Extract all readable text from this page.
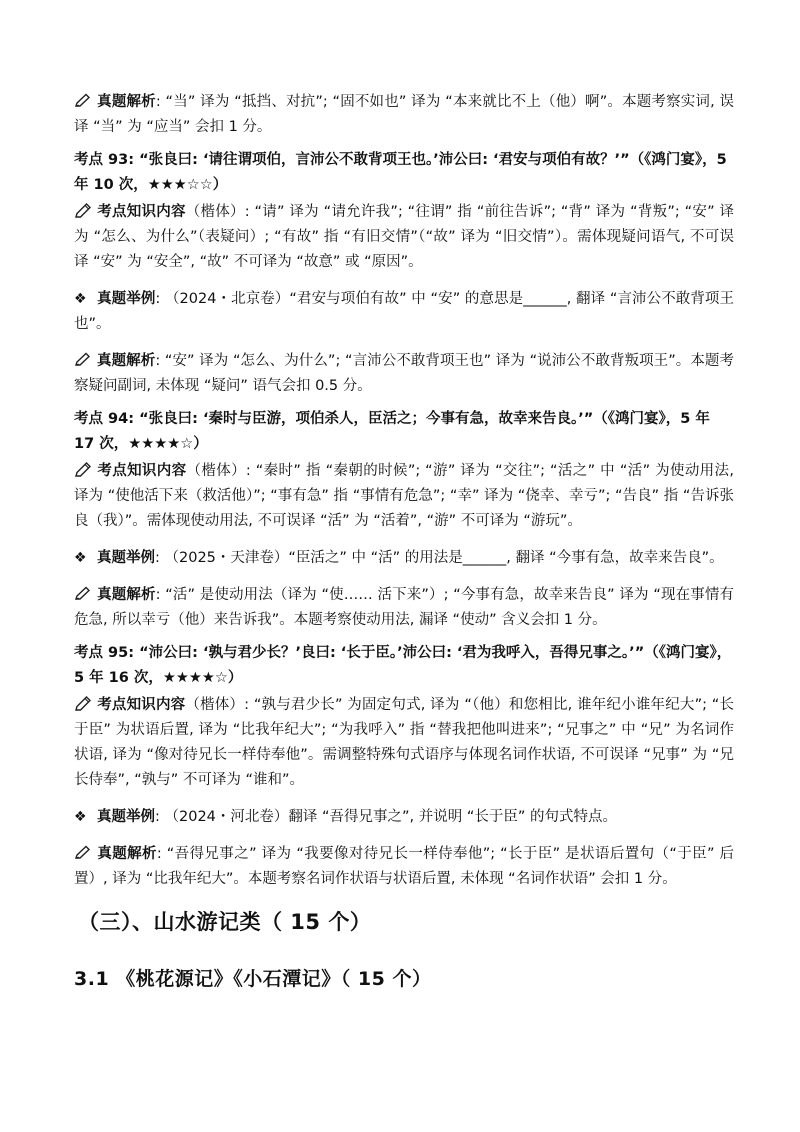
真题解析: “当” 译为 “抵挡、对抗”; “固不如也” 译为 “本来就比不上（他）啊”。本题考察实词, 误译 “当” 为 “应当” 会扣 1 分。

考点 93: “张良曰: ‘请往谓项伯，言沛公不敢背项王也。’沛公曰: ‘君安与项伯有故？’”（《鸿门宴》，5 年 10 次，★★★☆☆）

考点知识内容（楷体）: “请” 译为 “请允许我”; “往谓” 指 “前往告诉”; “背” 译为 “背叛”; “安” 译为 “怎么、为什么”（表疑问）; “有故” 指 “有旧交情”（“故” 译为 “旧交情”）。需体现疑问语气, 不可误译 “安” 为 “安全”, “故” 不可译为 “故意” 或 “原因”。

❖ 真题举例: （2024・北京卷）“君安与项伯有故” 中 “安” 的意思是______, 翻译 “言沛公不敢背项王也”。

真题解析: “安” 译为 “怎么、为什么”; “言沛公不敢背项王也” 译为 “说沛公不敢背叛项王”。本题考察疑问副词, 未体现 “疑问” 语气会扣 0.5 分。

考点 94: “张良曰: ‘秦时与臣游，项伯杀人，臣活之；今事有急，故幸来告良。’”（《鸿门宴》，5 年 17 次，★★★★☆）

考点知识内容（楷体）: “秦时” 指 “秦朝的时候”; “游” 译为 “交往”; “活之” 中 “活” 为使动用法, 译为 “使他活下来（救活他）”; “事有急” 指 “事情有危急”; “幸” 译为 “侥幸、幸亏”; “告良” 指 “告诉张良（我）”。需体现使动用法, 不可误译 “活” 为 “活着”, “游” 不可译为 “游玩”。

❖ 真题举例: （2025・天津卷）“臣活之” 中 “活” 的用法是______, 翻译 “今事有急，故幸来告良”。

真题解析: “活” 是使动用法（译为 “使…… 活下来”）; “今事有急，故幸来告良” 译为 “现在事情有危急, 所以幸亏（他）来告诉我”。本题考察使动用法, 漏译 “使动” 含义会扣 1 分。

考点 95: “沛公曰: ‘孰与君少长？’良曰: ‘长于臣。’沛公曰: ‘君为我呼入，吾得兄事之。’”（《鸿门宴》，5 年 16 次，★★★★☆）

考点知识内容（楷体）: “孰与君少长” 为固定句式, 译为 “（他）和您相比, 谁年纪小谁年纪大”; “长于臣” 为状语后置, 译为 “比我年纪大”; “为我呼入” 指 “替我把他叫进来”; “兄事之” 中 “兄” 为名词作状语, 译为 “像对待兄长一样侍奉他”。需调整特殊句式语序与体现名词作状语, 不可误译 “兄事” 为 “兄长侍奉”, “孰与” 不可译为 “谁和”。

❖ 真题举例: （2024・河北卷）翻译 “吾得兄事之”, 并说明 “长于臣” 的句式特点。

真题解析: “吾得兄事之” 译为 “我要像对待兄长一样侍奉他”; “长于臣” 是状语后置句（“于臣” 后置）, 译为 “比我年纪大”。本题考察名词作状语与状语后置, 未体现 “名词作状语” 会扣 1 分。

（三）、山水游记类（ 15 个）
3.1 《桃花源记》《小石潭记》（ 15 个）
